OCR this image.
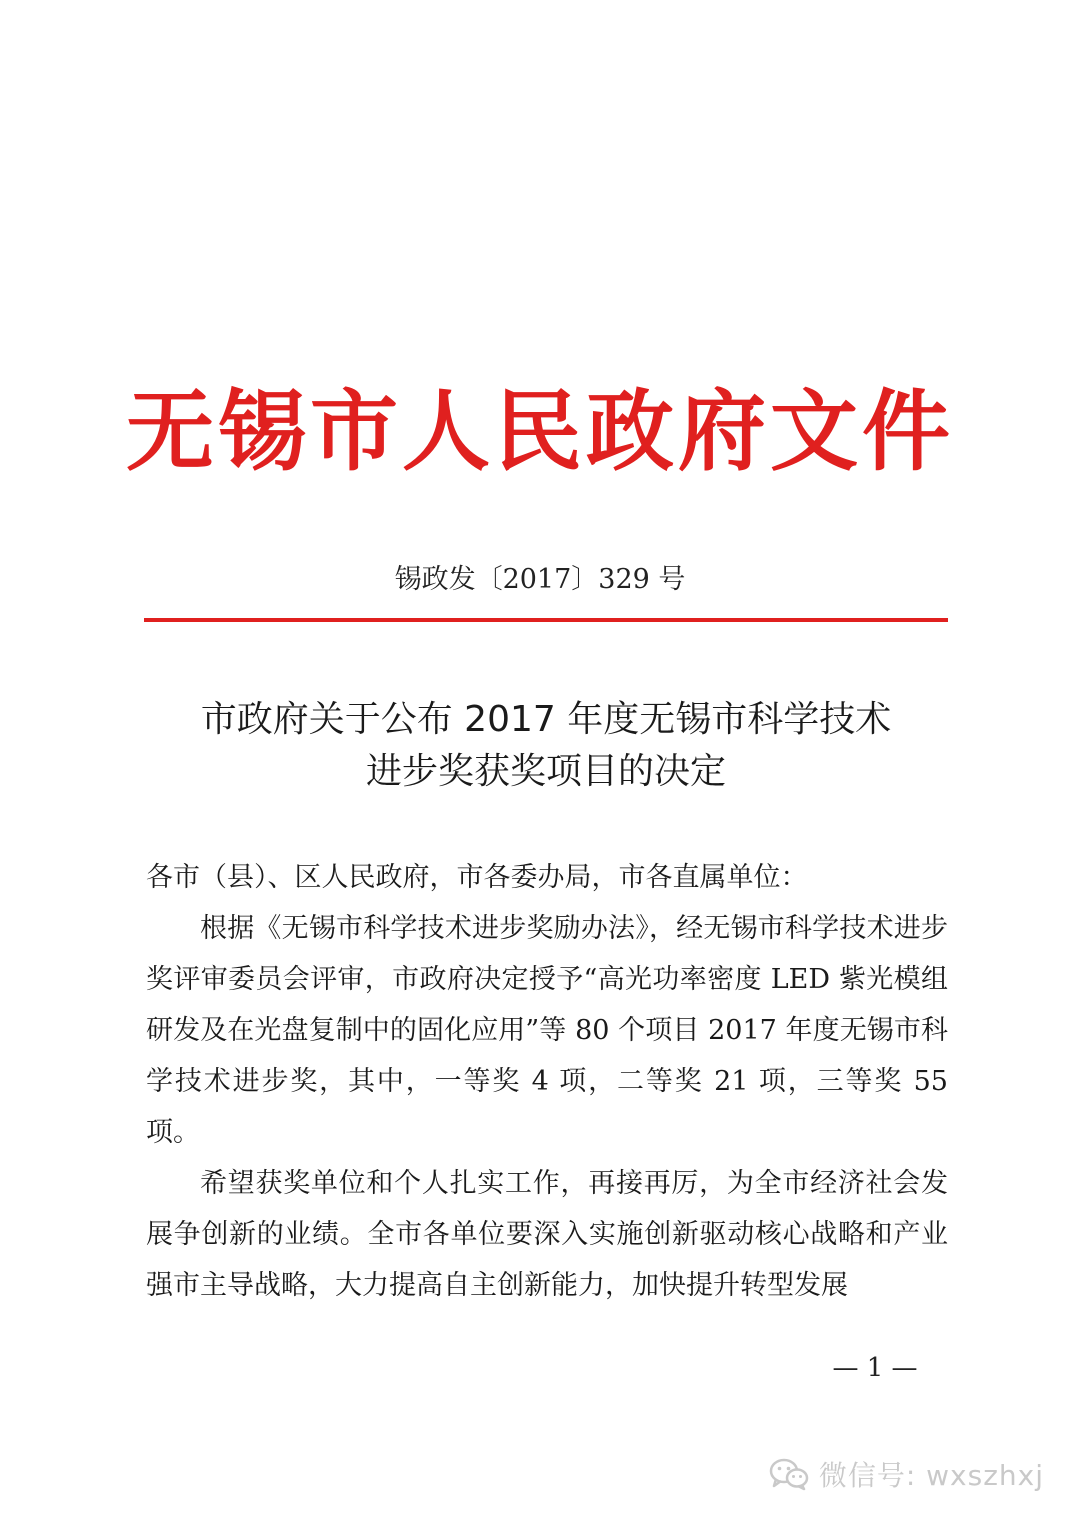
无锡市人民政府文件
锡政发〔2017〕329 号
市政府关于公布 2017 年度无锡市科学技术
进步奖获奖项目的决定

各市（县）、区人民政府，市各委办局，市各直属单位：

根据《无锡市科学技术进步奖励办法》，经无锡市科学技术进步奖评审委员会评审，市政府决定授予“高光功率密度 LED 紫光模组研发及在光盘复制中的固化应用”等 80 个项目 2017 年度无锡市科学技术进步奖，其中，一等奖 4 项，二等奖 21 项，三等奖 55 项。

希望获奖单位和个人扎实工作，再接再厉，为全市经济社会发展争创新的业绩。全市各单位要深入实施创新驱动核心战略和产业强市主导战略，大力提高自主创新能力，加快提升转型发展

— 1 —
微信号: wxszhxj
